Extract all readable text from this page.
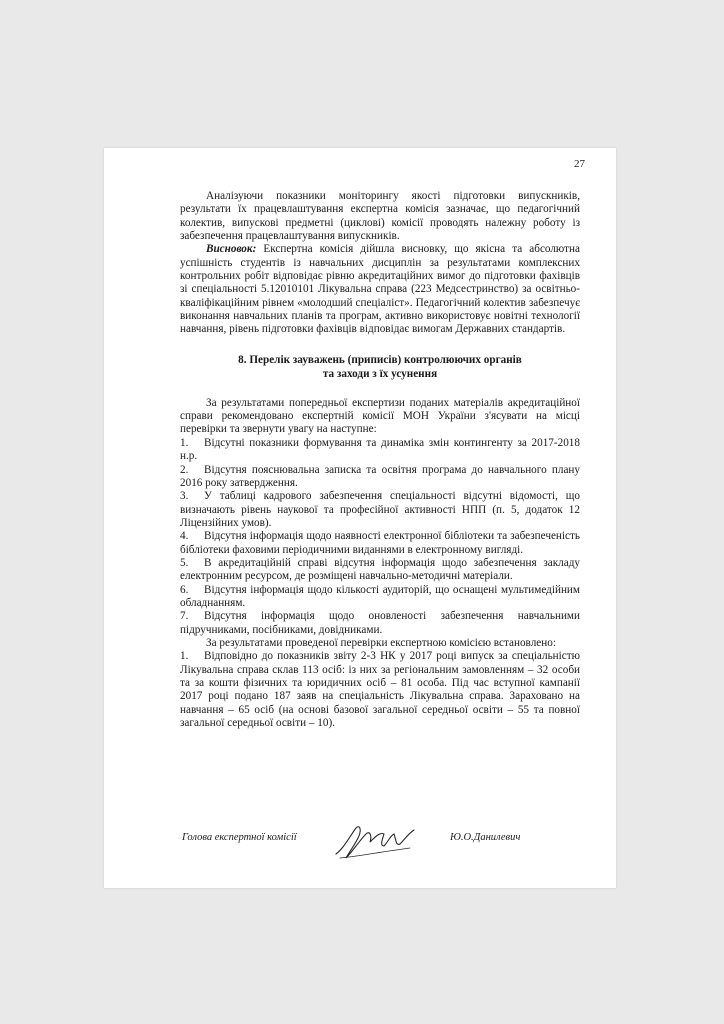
27

Аналізуючи показники моніторингу якості підготовки випускників, результати їх працевлаштування експертна комісія зазначає, що педагогічний колектив, випускові предметні (циклові) комісії проводять належну роботу із забезпечення працевлаштування випускників.

Висновок: Експертна комісія дійшла висновку, що якісна та абсолютна успішність студентів із навчальних дисциплін за результатами комплексних контрольних робіт відповідає рівню акредитаційних вимог до підготовки фахівців зі спеціальності 5.12010101 Лікувальна справа (223 Медсестринство) за освітньо-кваліфікаційним рівнем «молодший спеціаліст». Педагогічний колектив забезпечує виконання навчальних планів та програм, активно використовує новітні технології навчання, рівень підготовки фахівців відповідає вимогам Державних стандартів.

8. Перелік зауважень (приписів) контролюючих органів
та заходи з їх усунення

За результатами попередньої експертизи поданих матеріалів акредитаційної справи рекомендовано експертній комісії МОН України з'ясувати на місці перевірки та звернути увагу на наступне:

1. Відсутні показники формування та динаміка змін контингенту за 2017-2018 н.р.

2. Відсутня пояснювальна записка та освітня програма до навчального плану 2016 року затвердження.

3. У таблиці кадрового забезпечення спеціальності відсутні відомості, що визначають рівень наукової та професійної активності НПП (п. 5, додаток 12 Ліцензійних умов).

4. Відсутня інформація щодо наявності електронної бібліотеки та забезпеченість бібліотеки фаховими періодичними виданнями в електронному вигляді.

5. В акредитаційній справі відсутня інформація щодо забезпечення закладу електронним ресурсом, де розміщені навчально-методичні матеріали.

6. Відсутня інформація щодо кількості аудиторій, що оснащені мультимедійним обладнанням.

7. Відсутня інформація щодо оновленості забезпечення навчальними підручниками, посібниками, довідниками.

За результатами проведеної перевірки експертною комісією встановлено:

1. Відповідно до показників звіту 2-3 НК у 2017 році випуск за спеціальністю Лікувальна справа склав 113 осіб: із них за регіональним замовленням – 32 особи та за кошти фізичних та юридичних осіб – 81 особа. Під час вступної кампанії 2017 році подано 187 заяв на спеціальність Лікувальна справа. Зараховано на навчання – 65 осіб (на основі базової загальної середньої освіти – 55 та повної загальної середньої освіти – 10).

Голова експертної комісії	Ю.О.Данилевич
